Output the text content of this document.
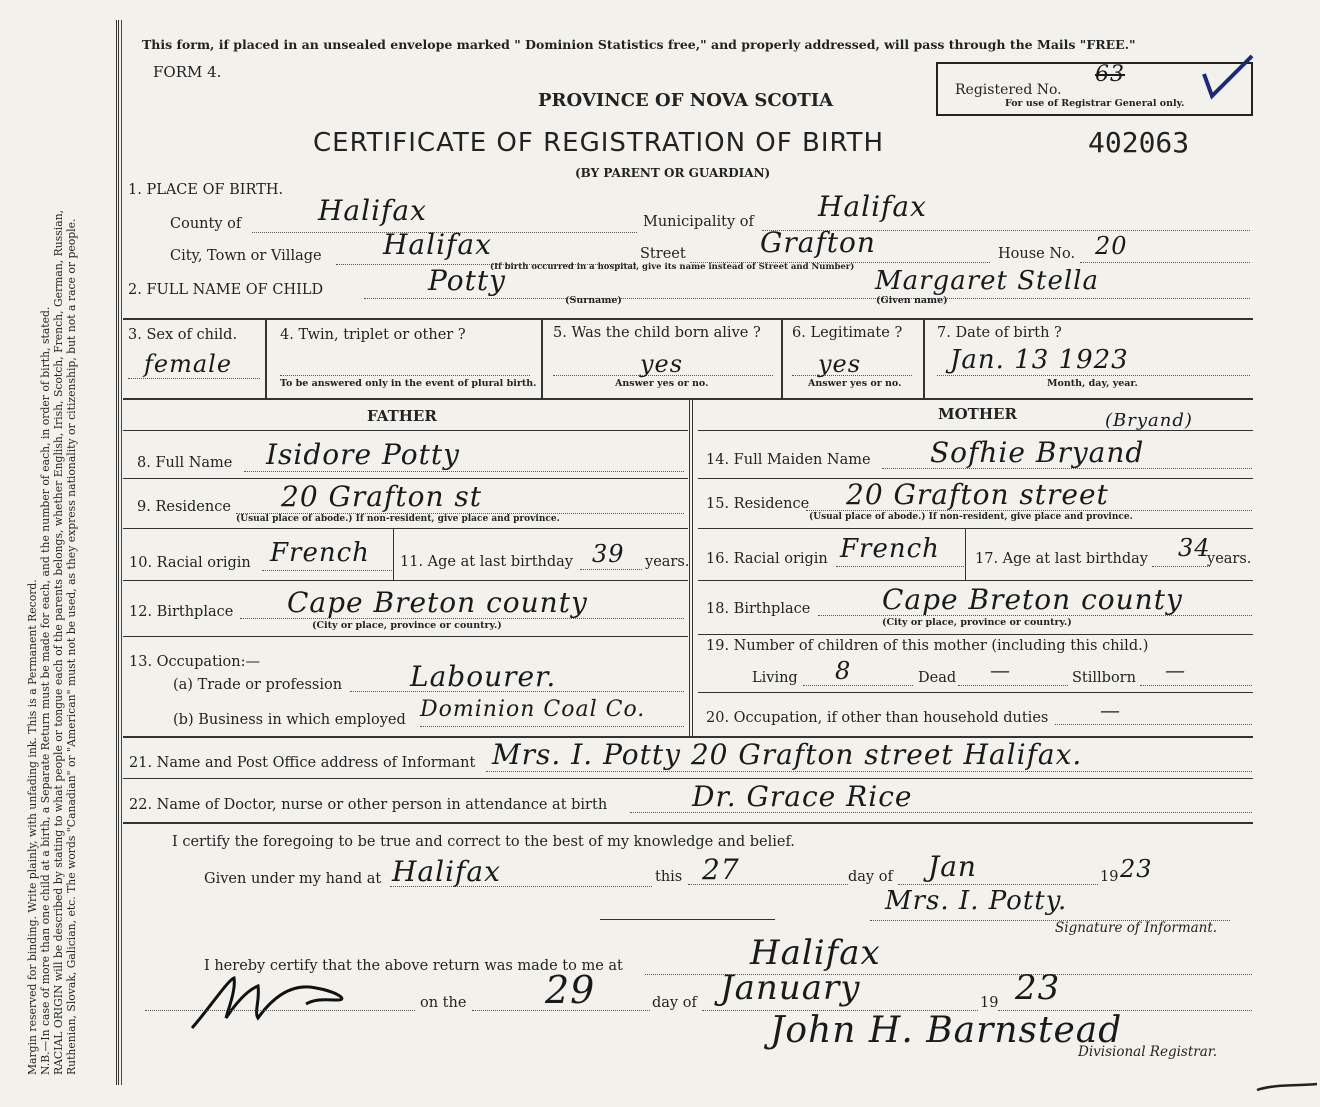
Margin reserved for binding. Write plainly, with unfading ink. This is a Permanent Record. N.B.—In case of more than one child at a birth, a Separate Return must be made for each, and the number of each, in order of birth, stated. RACIAL ORIGIN will be described by stating to what people or tongue each of the parents belongs, whether English, Irish, Scotch, French, German, Russian, Ruthenian, Slovak, Galician, etc. The words "Canadian" or "American" must not be used, as they express nationality or citizenship, but not a race or people.
This form, if placed in an unsealed envelope marked " Dominion Statistics free," and properly addressed, will pass through the Mails "FREE."
FORM 4.
PROVINCE OF NOVA SCOTIA
CERTIFICATE OF REGISTRATION OF BIRTH	402063
(BY PARENT OR GUARDIAN)
Registered No.
63
For use of Registrar General only.
1. PLACE OF BIRTH.
County of	Halifax	Municipality of Halifax
City, Town or Village Halifax	Street	Grafton	House No. 20
(If birth occurred in a hospital, give its name instead of Street and Number)
2. FULL NAME OF CHILD	Potty
(Surname)
Margaret Stella
(Given name)
3. Sex of child.
female
4. Twin, triplet or other ?
To be answered only in the event of plural birth.
5. Was the child born alive ?
yes
Answer yes or no.
6. Legitimate ?
yes
Answer yes or no.
7. Date of birth ?
Jan. 13 1923
Month, day, year.
FATHER
8. Full Name Isidore Potty
9. Residence 20 Grafton st
(Usual place of abode.) If non-resident, give place and province.
10. Racial origin French 11. Age at last birthday 39 years.
12. Birthplace Cape Breton county
(City or place, province or country.)
13. Occupation:—
(a) Trade or profession Labourer.
(b) Business in which employed Dominion Coal Co.
MOTHER
14. Full Maiden Name Sofhie Bryand
(Bryand)
15. Residence 20 Grafton street
(Usual place of abode.) If non-resident, give place and province.
16. Racial origin French 17. Age at last birthday 34
years.
18. Birthplace	Cape Breton county
(City or place, province or country.)
19. Number of children of this mother (including this child.)
Living 8	Dead —	Stillborn —
20. Occupation, if other than household duties	—
21. Name and Post Office address of Informant Mrs. I. Potty 20 Grafton street Halifax.
22. Name of Doctor, nurse or other person in attendance at birth	Dr. Grace Rice
I certify the foregoing to be true and correct to the best of my knowledge and belief.
Given under my hand at Halifax	this 27	day of Jan	19 23
Mrs. I. Potty.
Signature of Informant.
I hereby certify that the above return was made to me at	Halifax
on the 29	day of January	19 23
John H. Barnstead
Divisional Registrar.
